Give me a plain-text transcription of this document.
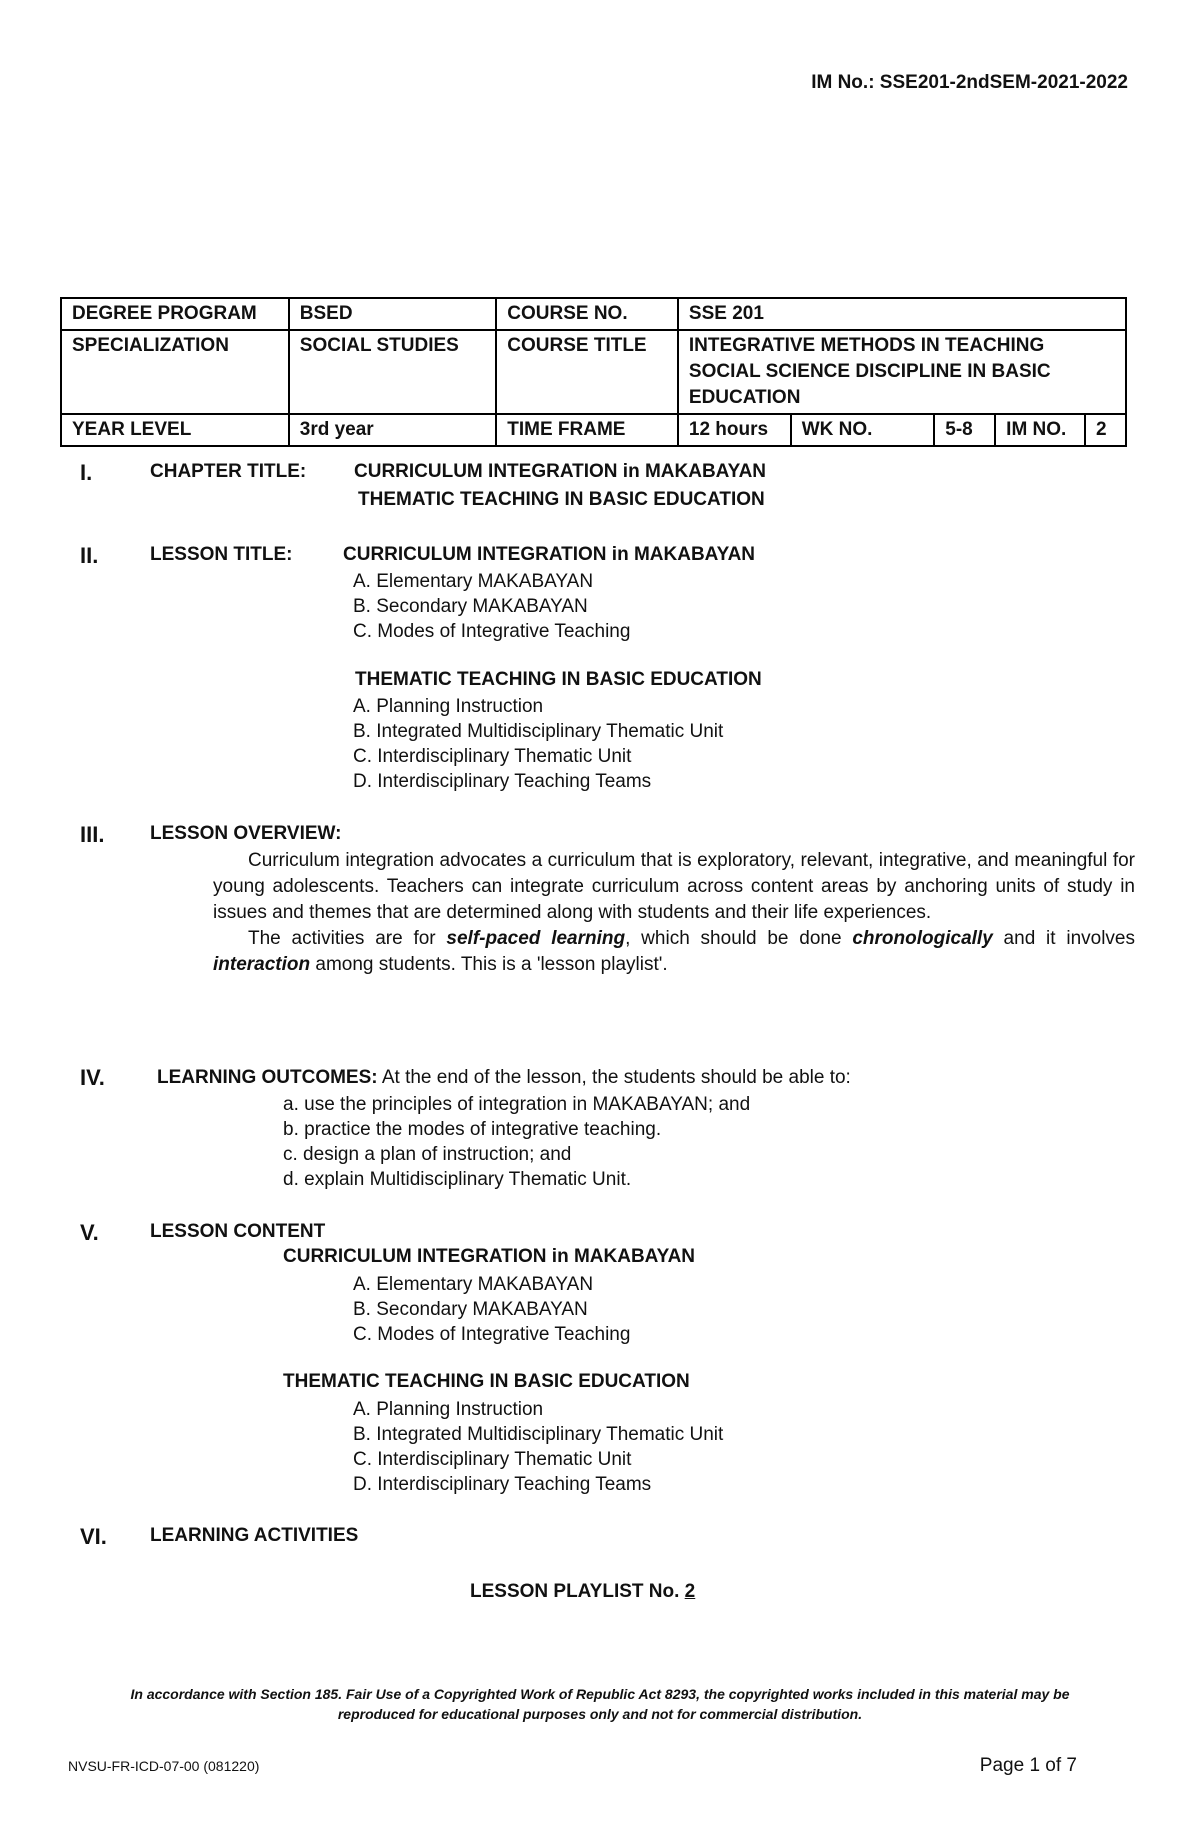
IM No.: SSE201-2ndSEM-2021-2022
DEGREE PROGRAM	BSED	COURSE NO.	SSE 201				
SPECIALIZATION	SOCIAL STUDIES	COURSE TITLE	INTEGRATIVE METHODS IN TEACHING SOCIAL SCIENCE DISCIPLINE IN BASIC EDUCATION				
YEAR LEVEL	3rd year	TIME FRAME	12 hours	WK NO.	5-8	IM NO.	2
I.	CHAPTER TITLE:	CURRICULUM INTEGRATION in MAKABAYAN
THEMATIC TEACHING IN BASIC EDUCATION
II.	LESSON TITLE:	CURRICULUM INTEGRATION in MAKABAYAN
A. Elementary MAKABAYAN
B. Secondary MAKABAYAN
C. Modes of Integrative Teaching
THEMATIC TEACHING IN BASIC EDUCATION
A. Planning Instruction
B. Integrated Multidisciplinary Thematic Unit
C. Interdisciplinary Thematic Unit
D. Interdisciplinary Teaching Teams
III. LESSON OVERVIEW:

Curriculum integration advocates a curriculum that is exploratory, relevant, integrative, and meaningful for young adolescents. Teachers can integrate curriculum across content areas by anchoring units of study in issues and themes that are determined along with students and their life experiences.

The activities are for self-paced learning, which should be done chronologically and it involves interaction among students. This is a 'lesson playlist'.

IV.	LEARNING OUTCOMES: At the end of the lesson, the students should be able to:
a. use the principles of integration in MAKABAYAN; and
b. practice the modes of integrative teaching.
c. design a plan of instruction; and
d. explain Multidisciplinary Thematic Unit.
V.	LESSON CONTENT
CURRICULUM INTEGRATION in MAKABAYAN
A. Elementary MAKABAYAN
B. Secondary MAKABAYAN
C. Modes of Integrative Teaching
THEMATIC TEACHING IN BASIC EDUCATION
A. Planning Instruction
B. Integrated Multidisciplinary Thematic Unit
C. Interdisciplinary Thematic Unit
D. Interdisciplinary Teaching Teams
VI. LEARNING ACTIVITIES
LESSON PLAYLIST No. 2
In accordance with Section 185. Fair Use of a Copyrighted Work of Republic Act 8293, the copyrighted works included in this material may be reproduced for educational purposes only and not for commercial distribution.
NVSU-FR-ICD-07-00 (081220)	Page 1 of 7
